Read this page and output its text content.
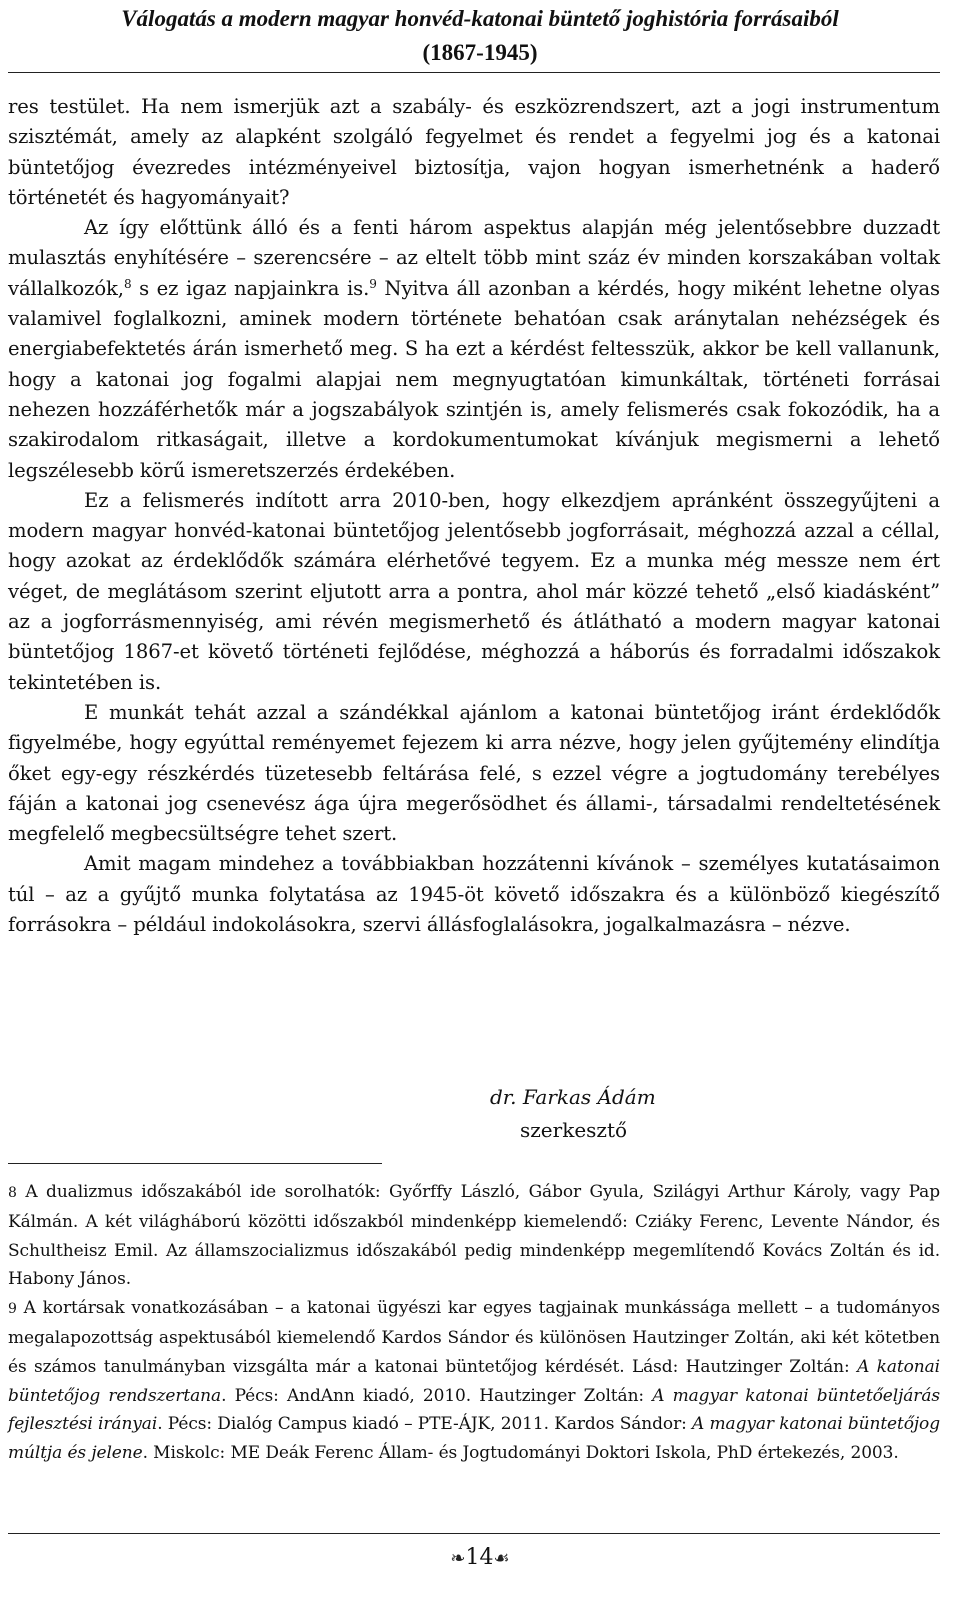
Válogatás a modern magyar honvéd-katonai büntető joghistória forrásaiból
(1867-1945)

res testület. Ha nem ismerjük azt a szabály- és eszközrendszert, azt a jogi instrumentum szisztémát, amely az alapként szolgáló fegyelmet és rendet a fegyelmi jog és a katonai büntetőjog évezredes intézményeivel biztosítja, vajon hogyan ismerhetnénk a haderő történetét és hagyományait?

Az így előttünk álló és a fenti három aspektus alapján még jelentősebbre duzzadt mulasztás enyhítésére – szerencsére – az eltelt több mint száz év minden korszakában voltak vállalkozók,$^8$ s ez igaz napjainkra is.$^9$ Nyitva áll azonban a kérdés, hogy miként lehetne olyas valamivel foglalkozni, aminek modern története behatóan csak aránytalan nehézségek és energiabefektetés árán ismerhető meg. S ha ezt a kérdést feltesszük, akkor be kell vallanunk, hogy a katonai jog fogalmi alapjai nem megnyugtatóan kimunkáltak, történeti forrásai nehezen hozzáférhetők már a jogszabályok szintjén is, amely felismerés csak fokozódik, ha a szakirodalom ritkaságait, illetve a kordokumentumokat kívánjuk megismerni a lehető legszélesebb körű ismeretszerzés érdekében.

Ez a felismerés indított arra 2010-ben, hogy elkezdjem apránként összegyűjteni a modern magyar honvéd-katonai büntetőjog jelentősebb jogforrásait, méghozzá azzal a céllal, hogy azokat az érdeklődők számára elérhetővé tegyem. Ez a munka még messze nem ért véget, de meglátásom szerint eljutott arra a pontra, ahol már közzé tehető „első kiadásként” az a jogforrásmennyiség, ami révén megismerhető és átlátható a modern magyar katonai büntetőjog 1867-et követő történeti fejlődése, méghozzá a háborús és forradalmi időszakok tekintetében is.

E munkát tehát azzal a szándékkal ajánlom a katonai büntetőjog iránt érdeklődők figyelmébe, hogy egyúttal reményemet fejezem ki arra nézve, hogy jelen gyűjtemény elindítja őket egy-egy részkérdés tüzetesebb feltárása felé, s ezzel végre a jogtudomány terebélyes fáján a katonai jog csenevész ága újra megerősödhet és állami-, társadalmi rendeltetésének megfelelő megbecsültségre tehet szert.

Amit magam mindehez a továbbiakban hozzátenni kívánok – személyes kutatásaimon túl – az a gyűjtő munka folytatása az 1945-öt követő időszakra és a különböző kiegészítő forrásokra – például indokolásokra, szervi állásfoglalásokra, jogalkalmazásra – nézve.

dr. Farkas Ádám
szerkesztő

8 A dualizmus időszakából ide sorolhatók: Győrffy László, Gábor Gyula, Szilágyi Arthur Károly, vagy Pap Kálmán. A két világháború közötti időszakból mindenképp kiemelendő: Cziáky Ferenc, Levente Nándor, és Schultheisz Emil. Az államszocializmus időszakából pedig mindenképp megemlítendő Kovács Zoltán és id. Habony János.

9 A kortársak vonatkozásában – a katonai ügyészi kar egyes tagjainak munkássága mellett – a tudományos megalapozottság aspektusából kiemelendő Kardos Sándor és különösen Hautzinger Zoltán, aki két kötetben és számos tanulmányban vizsgálta már a katonai büntetőjog kérdését. Lásd: Hautzinger Zoltán: A katonai büntetőjog rendszertana. Pécs: AndAnn kiadó, 2010. Hautzinger Zoltán: A magyar katonai büntetőeljárás fejlesztési irányai. Pécs: Dialóg Campus kiadó – PTE-ÁJK, 2011. Kardos Sándor: A magyar katonai büntetőjog múltja és jelene. Miskolc: ME Deák Ferenc Állam- és Jogtudományi Doktori Iskola, PhD értekezés, 2003.

❧14☙
